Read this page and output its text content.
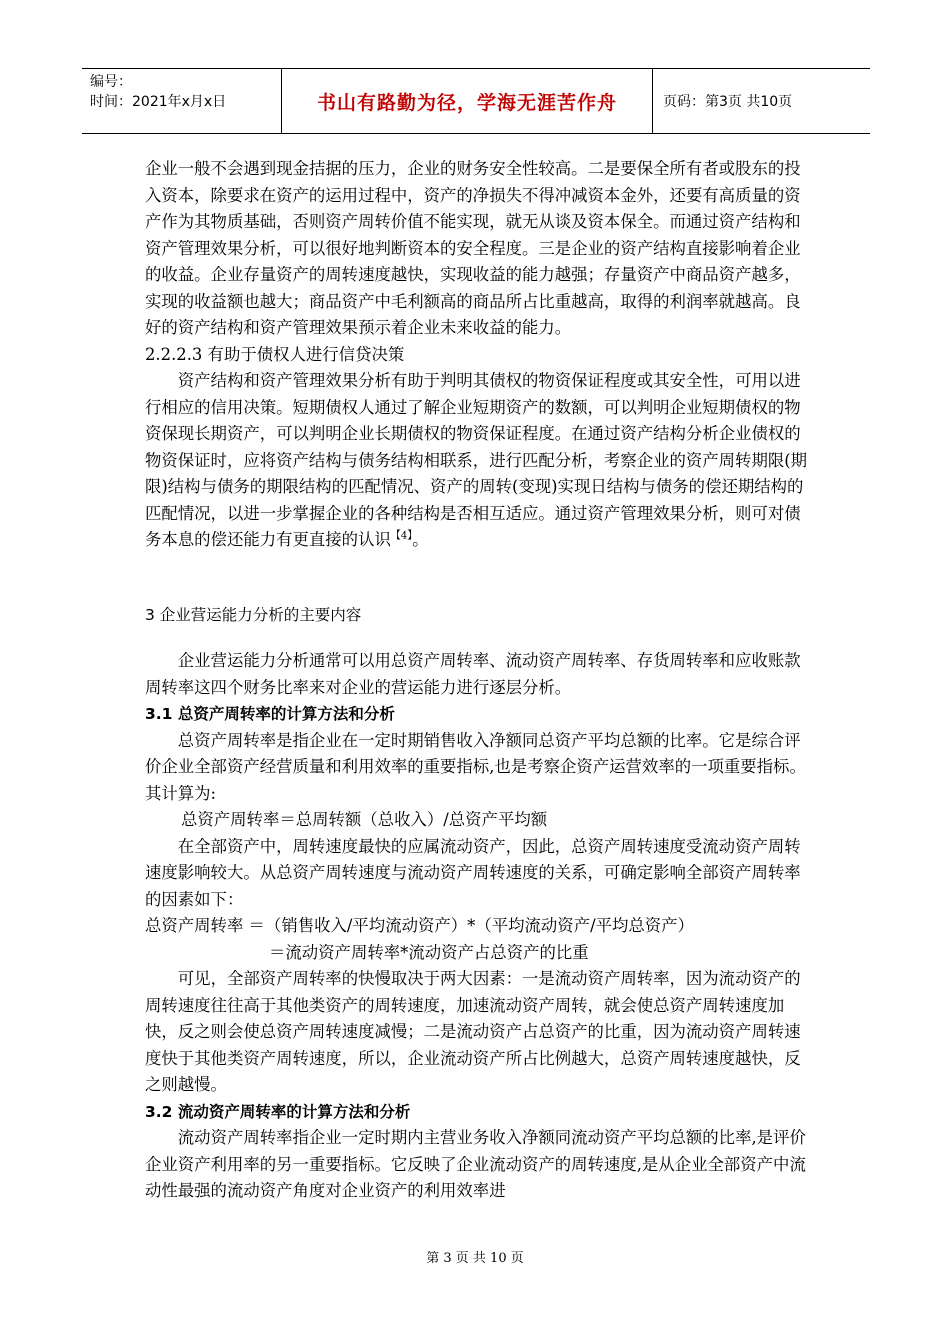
编号：
时间：2021年x月x日	书山有路勤为径，学海无涯苦作舟	页码：第3页 共10页

企业一般不会遇到现金拮据的压力，企业的财务安全性较高。二是要保全所有者或股东的投入资本，除要求在资产的运用过程中，资产的净损失不得冲减资本金外，还要有高质量的资产作为其物质基础，否则资产周转价值不能实现，就无从谈及资本保全。而通过资产结构和资产管理效果分析，可以很好地判断资本的安全程度。三是企业的资产结构直接影响着企业的收益。企业存量资产的周转速度越快，实现收益的能力越强；存量资产中商品资产越多，实现的收益额也越大；商品资产中毛利额高的商品所占比重越高，取得的利润率就越高。良好的资产结构和资产管理效果预示着企业未来收益的能力。

2.2.2.3 有助于债权人进行信贷决策

资产结构和资产管理效果分析有助于判明其债权的物资保证程度或其安全性，可用以进行相应的信用决策。短期债权人通过了解企业短期资产的数额，可以判明企业短期债权的物资保现长期资产，可以判明企业长期债权的物资保证程度。在通过资产结构分析企业债权的物资保证时，应将资产结构与债务结构相联系，进行匹配分析，考察企业的资产周转期限(期限)结构与债务的期限结构的匹配情况、资产的周转(变现)实现日结构与债务的偿还期结构的匹配情况，以进一步掌握企业的各种结构是否相互适应。通过资产管理效果分析，则可对债务本息的偿还能力有更直接的认识$^{【4】}$。

3 企业营运能力分析的主要内容

企业营运能力分析通常可以用总资产周转率、流动资产周转率、存货周转率和应收账款周转率这四个财务比率来对企业的营运能力进行逐层分析。

3.1 总资产周转率的计算方法和分析

总资产周转率是指企业在一定时期销售收入净额同总资产平均总额的比率。它是综合评价企业全部资产经营质量和利用效率的重要指标,也是考察企资产运营效率的一项重要指标。其计算为:

总资产周转率＝总周转额（总收入）/总资产平均额

在全部资产中，周转速度最快的应属流动资产，因此，总资产周转速度受流动资产周转速度影响较大。从总资产周转速度与流动资产周转速度的关系，可确定影响全部资产周转率的因素如下：

总资产周转率 ＝（销售收入/平均流动资产）*（平均流动资产/平均总资产）

＝流动资产周转率*流动资产占总资产的比重

可见，全部资产周转率的快慢取决于两大因素：一是流动资产周转率，因为流动资产的周转速度往往高于其他类资产的周转速度，加速流动资产周转，就会使总资产周转速度加快，反之则会使总资产周转速度减慢；二是流动资产占总资产的比重，因为流动资产周转速度快于其他类资产周转速度，所以，企业流动资产所占比例越大，总资产周转速度越快，反之则越慢。

3.2 流动资产周转率的计算方法和分析

流动资产周转率指企业一定时期内主营业务收入净额同流动资产平均总额的比率,是评价企业资产利用率的另一重要指标。它反映了企业流动资产的周转速度,是从企业全部资产中流动性最强的流动资产角度对企业资产的利用效率进

第 3 页 共 10 页
